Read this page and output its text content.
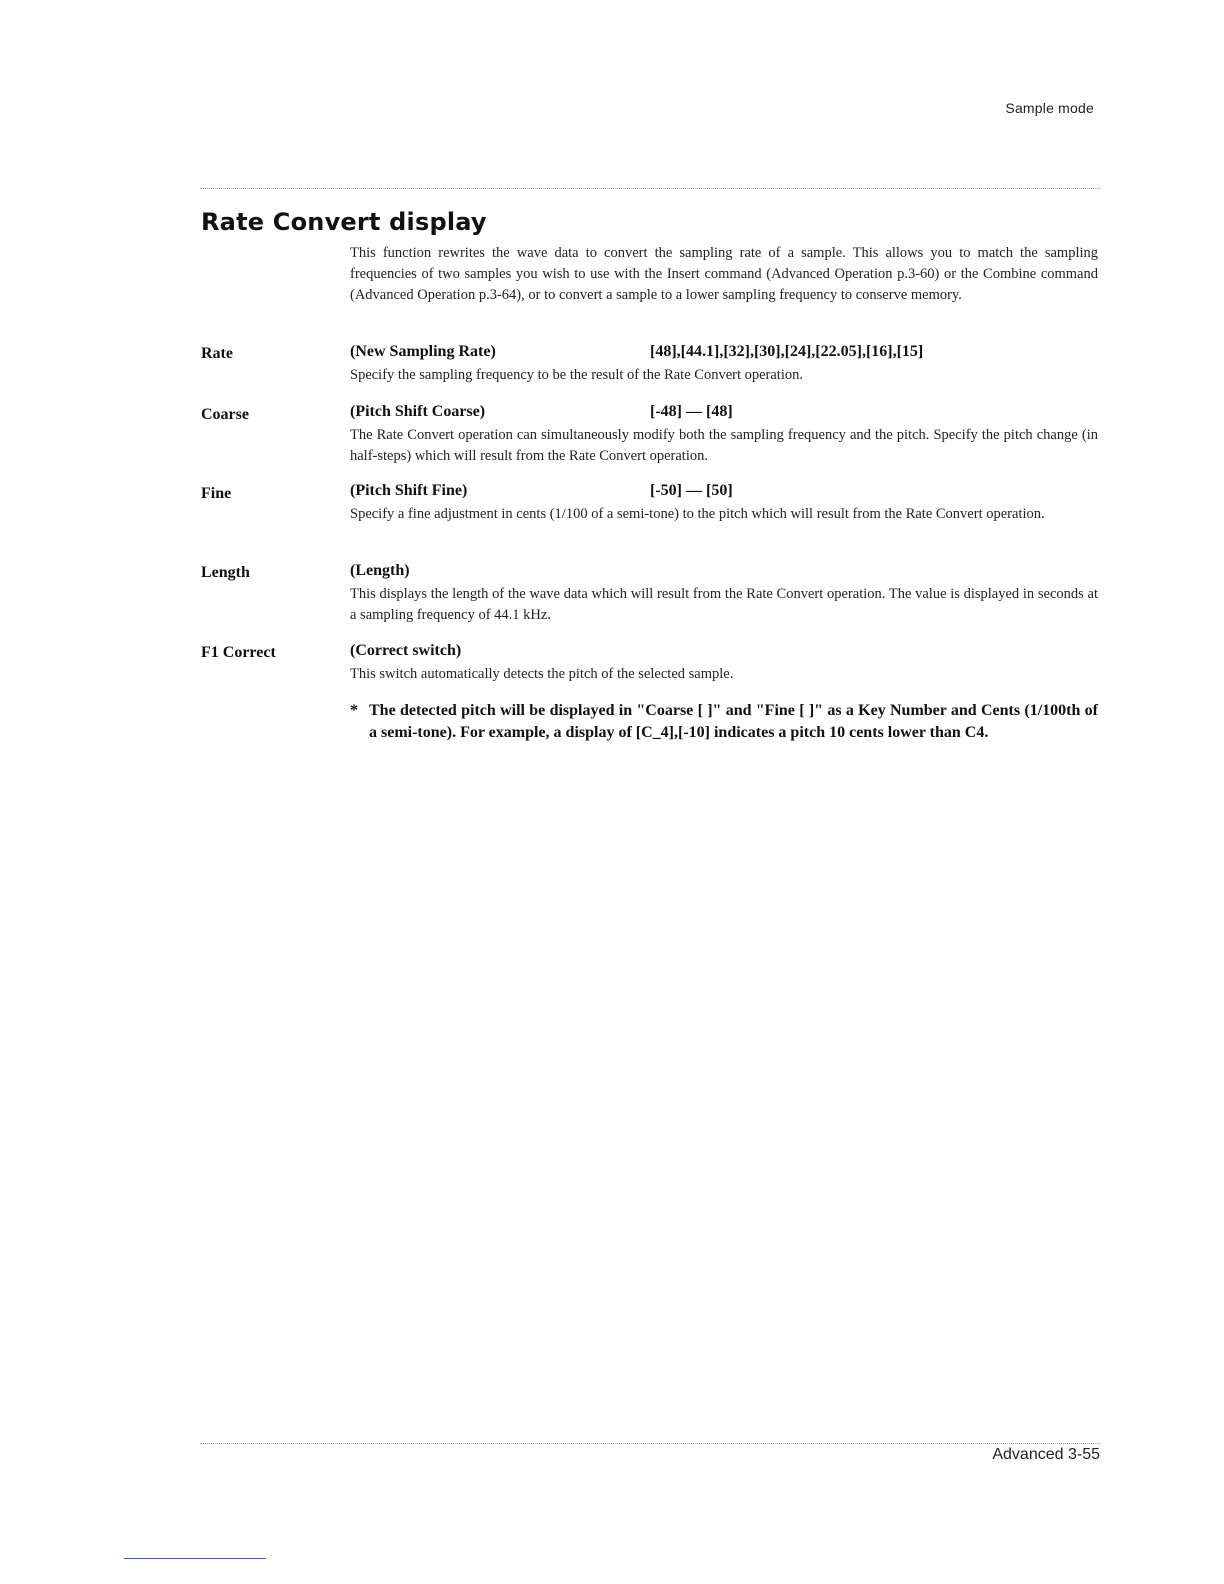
Sample mode
Rate Convert display
This function rewrites the wave data to convert the sampling rate of a sample. This allows you to match the sampling frequencies of two samples you wish to use with the Insert command (Advanced Operation p.3-60) or the Combine command (Advanced Operation p.3-64), or to convert a sample to a lower sampling frequency to conserve memory.
Rate	(New Sampling Rate)	[48],[44.1],[32],[30],[24],[22.05],[16],[15]
Specify the sampling frequency to be the result of the Rate Convert operation.
Coarse	(Pitch Shift Coarse)	[-48] — [48]
The Rate Convert operation can simultaneously modify both the sampling frequency and the pitch. Specify the pitch change (in half-steps) which will result from the Rate Convert operation.
Fine	(Pitch Shift Fine)	[-50] — [50]
Specify a fine adjustment in cents (1/100 of a semi-tone) to the pitch which will result from the Rate Convert operation.
Length	(Length)
This displays the length of the wave data which will result from the Rate Convert operation. The value is displayed in seconds at a sampling frequency of 44.1 kHz.
F1 Correct	(Correct switch)
This switch automatically detects the pitch of the selected sample.
* The detected pitch will be displayed in "Coarse [ ]" and "Fine [ ]" as a Key Number and Cents (1/100th of a semi-tone). For example, a display of [C_4],[-10] indicates a pitch 10 cents lower than C4.
Advanced 3-55
